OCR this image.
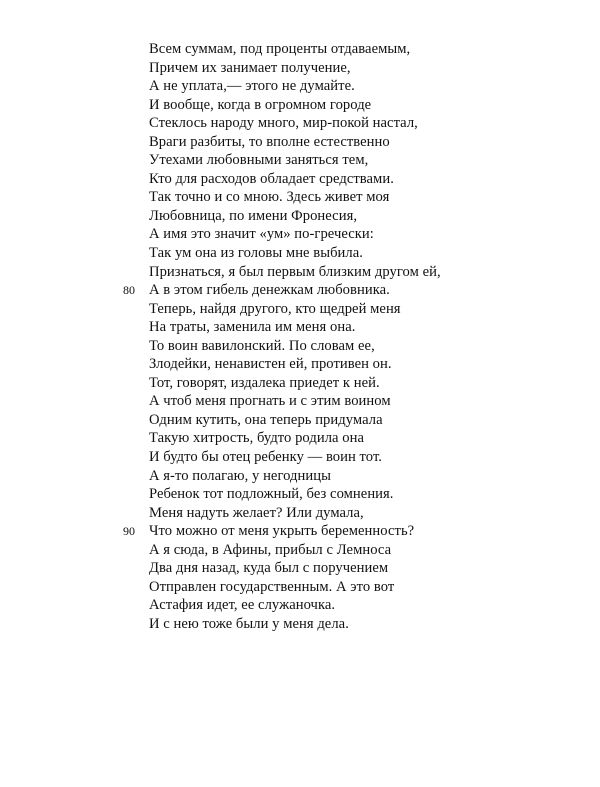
Всем суммам, под проценты отдаваемым,
Причем их занимает получение,
А не уплата,— этого не думайте.
И вообще, когда в огромном городе
Стеклось народу много, мир-покой настал,
Враги разбиты, то вполне естественно
Утехами любовными заняться тем,
Кто для расходов обладает средствами.
Так точно и со мною. Здесь живет моя
Любовница, по имени Фронесия,
А имя это значит «ум» по-гречески:
Так ум она из головы мне выбила.
Признаться, я был первым близким другом ей,
80 А в этом гибель денежкам любовника.
Теперь, найдя другого, кто щедрей меня
На траты, заменила им меня она.
То воин вавилонский. По словам ее,
Злодейки, ненавистен ей, противен он.
Тот, говорят, издалека приедет к ней.
А чтоб меня прогнать и с этим воином
Одним кутить, она теперь придумала
Такую хитрость, будто родила она
И будто бы отец ребенку — воин тот.
А я-то полагаю, у негодницы
Ребенок тот подложный, без сомнения.
Меня надуть желает? Или думала,
90 Что можно от меня укрыть беременность?
А я сюда, в Афины, прибыл с Лемноса
Два дня назад, куда был с поручением
Отправлен государственным. А это вот
Астафия идет, ее служаночка.
И с нею тоже были у меня дела.
